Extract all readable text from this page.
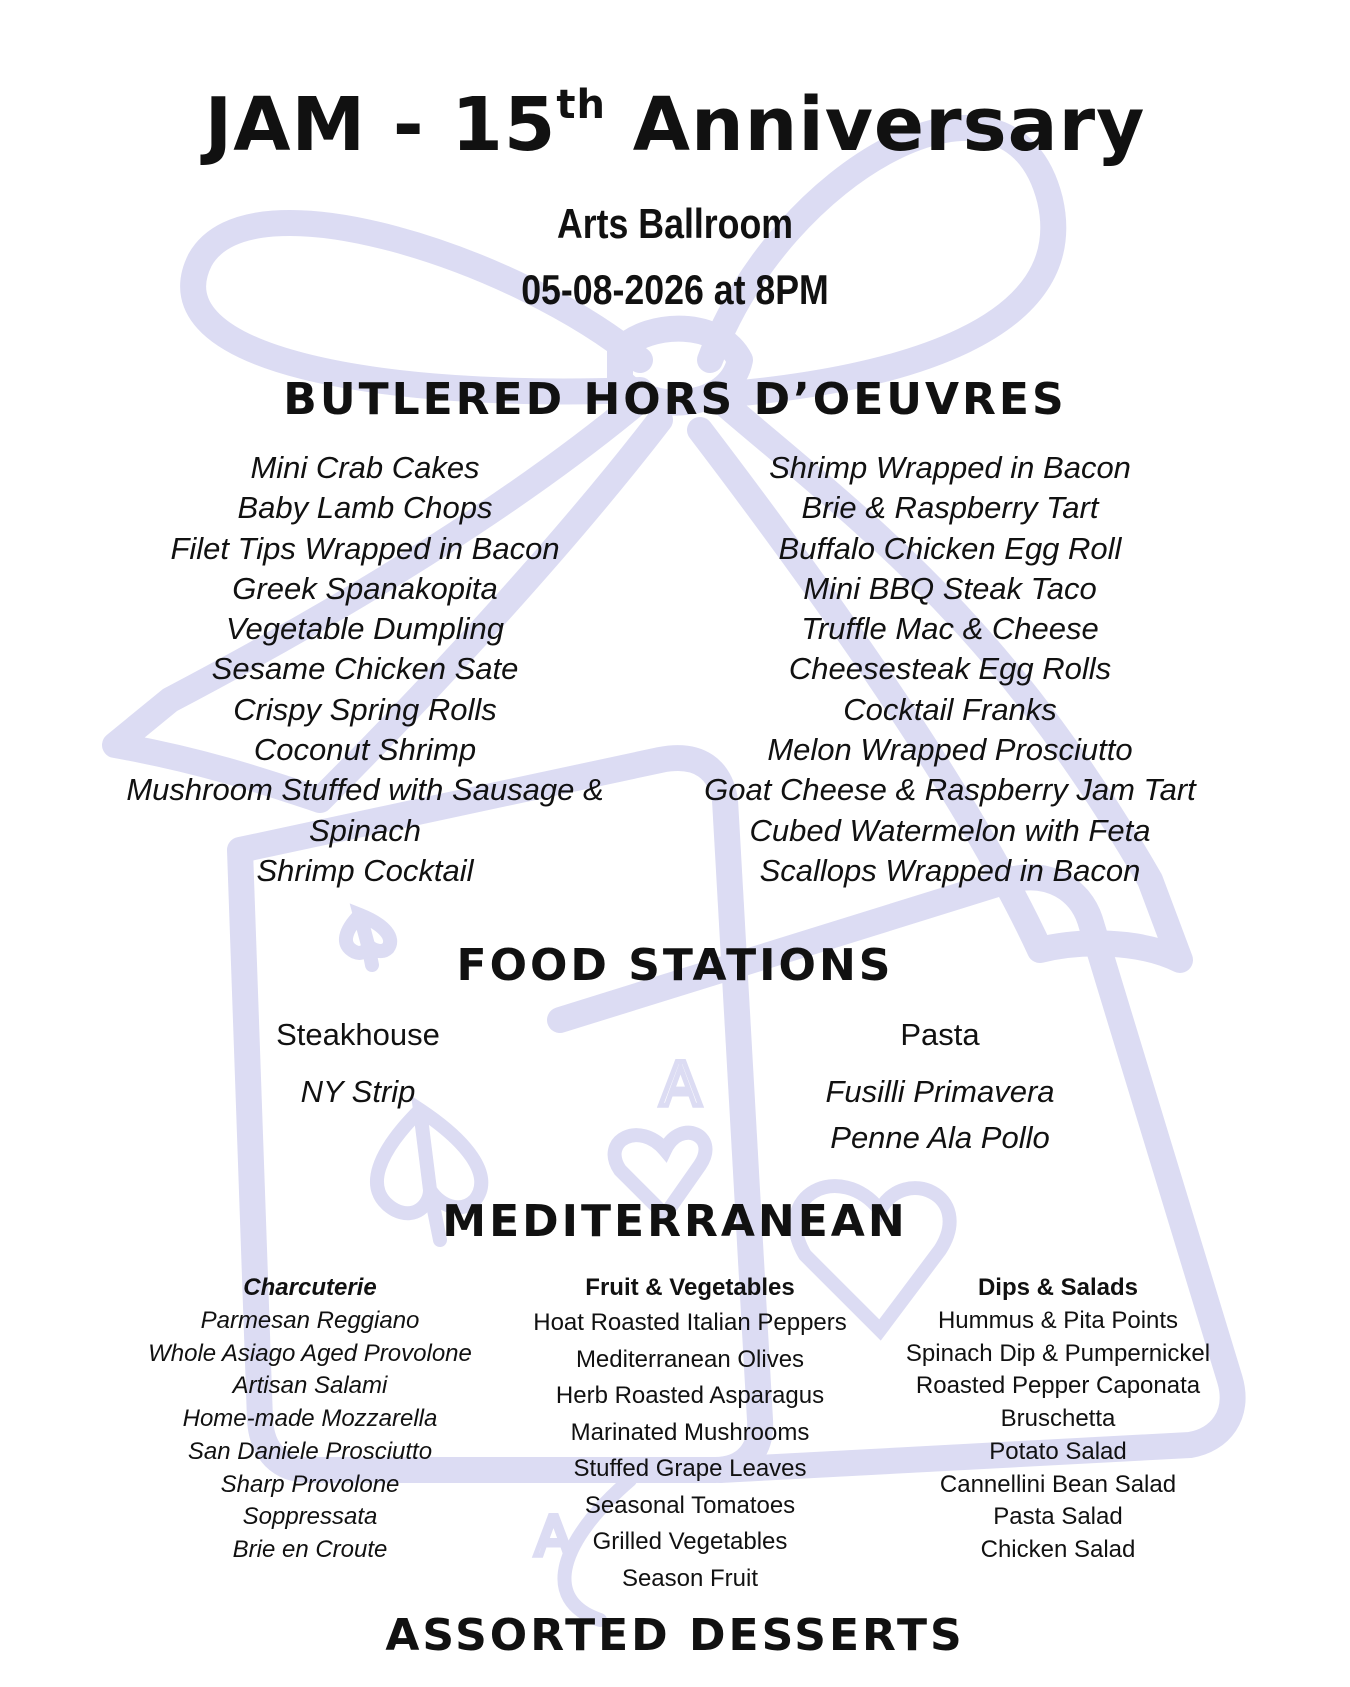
A
A
JAM - 15th Anniversary
Arts Ballroom
05-08-2026 at 8PM
BUTLERED HORS D’OEUVRES
Mini Crab Cakes
Baby Lamb Chops
Filet Tips Wrapped in Bacon
Greek Spanakopita
Vegetable Dumpling
Sesame Chicken Sate
Crispy Spring Rolls
Coconut Shrimp
Mushroom Stuffed with Sausage &
Spinach
Shrimp Cocktail
Shrimp Wrapped in Bacon
Brie & Raspberry Tart
Buffalo Chicken Egg Roll
Mini BBQ Steak Taco
Truffle Mac & Cheese
Cheesesteak Egg Rolls
Cocktail Franks
Melon Wrapped Prosciutto
Goat Cheese & Raspberry Jam Tart
Cubed Watermelon with Feta
Scallops Wrapped in Bacon
FOOD STATIONS
Steakhouse
NY Strip
Pasta
Fusilli Primavera
Penne Ala Pollo
MEDITERRANEAN
Charcuterie
Parmesan Reggiano
Whole Asiago Aged Provolone
Artisan Salami
Home-made Mozzarella
San Daniele Prosciutto
Sharp Provolone
Soppressata
Brie en Croute
Fruit & Vegetables
Hoat Roasted Italian Peppers
Mediterranean Olives
Herb Roasted Asparagus
Marinated Mushrooms
Stuffed Grape Leaves
Seasonal Tomatoes
Grilled Vegetables
Season Fruit
Dips & Salads
Hummus & Pita Points
Spinach Dip & Pumpernickel
Roasted Pepper Caponata
Bruschetta
Potato Salad
Cannellini Bean Salad
Pasta Salad
Chicken Salad
ASSORTED DESSERTS
